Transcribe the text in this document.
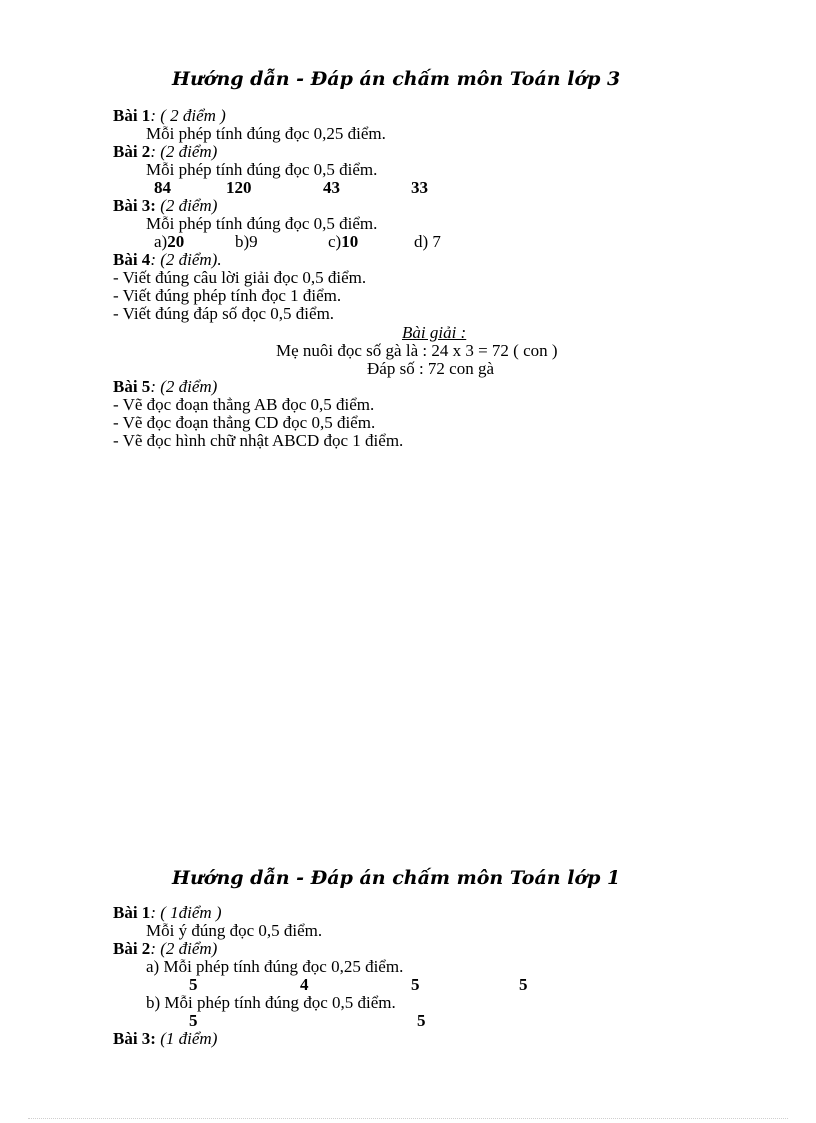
Hướng dẫn - Đáp án chấm môn Toán lớp 3
Bài 1: ( 2 điểm )
Mỗi phép tính đúng đọc 0,25 điểm.
Bài 2: (2 điểm)
Mỗi phép tính đúng đọc 0,5 điểm.
84	120	43	33
Bài 3: (2 điểm)
Mỗi phép tính đúng đọc 0,5 điểm.
a)20	b)9	c)10	d) 7
Bài 4: (2 điểm).
- Viết đúng câu lời giải đọc 0,5 điểm.
- Viết đúng phép tính đọc 1 điểm.
- Viết đúng đáp số đọc 0,5 điểm.
Bài giải :
Mẹ nuôi đọc số gà là : 24 x 3 = 72 ( con )
Đáp số : 72 con gà
Bài 5: (2 điểm)
- Vẽ đọc đoạn thẳng AB đọc 0,5 điểm.
- Vẽ đọc đoạn thẳng CD đọc 0,5 điểm.
- Vẽ đọc hình chữ nhật ABCD đọc 1 điểm.
Hướng dẫn - Đáp án chấm môn Toán lớp 1
Bài 1: ( 1điểm )
Mỗi ý đúng đọc 0,5 điểm.
Bài 2: (2 điểm)
a) Mỗi phép tính đúng đọc 0,25 điểm.
5	4	5	5
b) Mỗi phép tính đúng đọc 0,5 điểm.
5	5
Bài 3: (1 điểm)
